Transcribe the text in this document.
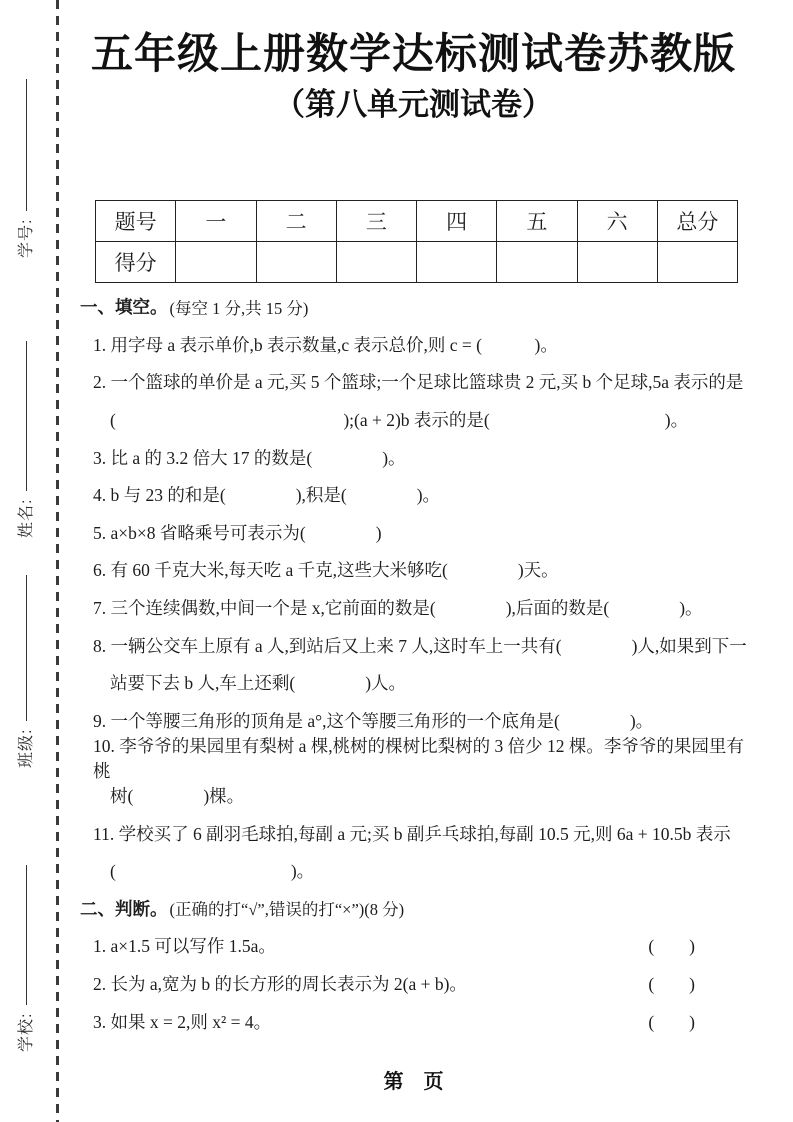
学号:
姓名:
班级:
学校:
五年级上册数学达标测试卷苏教版
（第八单元测试卷）
题号	一	二	三	四	五	六	总分
得分							
一、填空。 (每空 1 分,共 15 分)
1. 用字母 a 表示单价,b 表示数量,c 表示总价,则 c = (　　　)。
2. 一个篮球的单价是 a 元,买 5 个篮球;一个足球比篮球贵 2 元,买 b 个足球,5a 表示的是
(　　　　　　　　　　　　　);(a + 2)b 表示的是(　　　　　　　　　　)。
3. 比 a 的 3.2 倍大 17 的数是(　　　　)。
4. b 与 23 的和是(　　　　),积是(　　　　)。
5. a×b×8 省略乘号可表示为(　　　　)
6. 有 60 千克大米,每天吃 a 千克,这些大米够吃(　　　　)天。
7. 三个连续偶数,中间一个是 x,它前面的数是(　　　　),后面的数是(　　　　)。
8. 一辆公交车上原有 a 人,到站后又上来 7 人,这时车上一共有(　　　　)人,如果到下一
站要下去 b 人,车上还剩(　　　　)人。
9. 一个等腰三角形的顶角是 a°,这个等腰三角形的一个底角是(　　　　)。
10. 李爷爷的果园里有梨树 a 棵,桃树的棵树比梨树的 3 倍少 12 棵。李爷爷的果园里有桃
树(　　　　)棵。
11. 学校买了 6 副羽毛球拍,每副 a 元;买 b 副乒乓球拍,每副 10.5 元,则 6a + 10.5b 表示
(　　　　　　　　　　)。
二、判断。 (正确的打“√”,错误的打“×”)(8 分)
1. a×1.5 可以写作 1.5a。	(　　)
2. 长为 a,宽为 b 的长方形的周长表示为 2(a + b)。	(　　)
3. 如果 x = 2,则 x² = 4。	(　　)
第　页
